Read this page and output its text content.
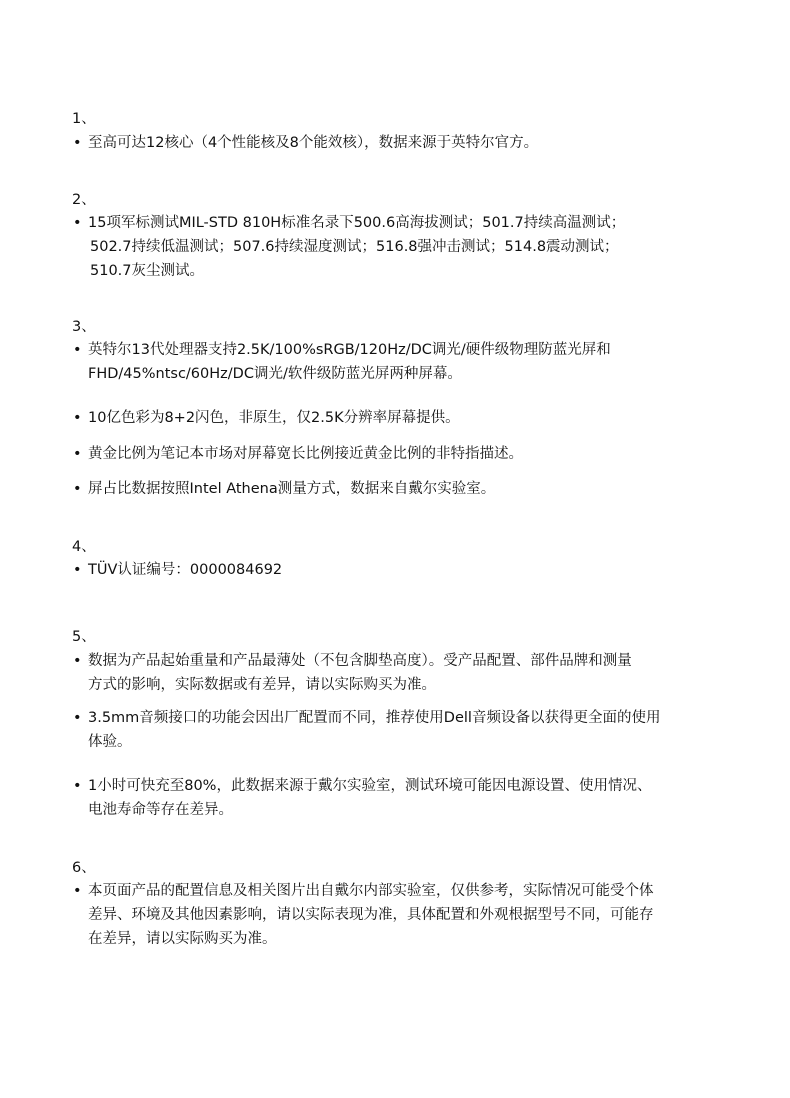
1、
• 至高可达12核心（4个性能核及8个能效核），数据来源于英特尔官方。
2、
• 15项军标测试MIL-STD 810H标准名录下500.6高海拔测试；501.7持续高温测试；
502.7持续低温测试；507.6持续湿度测试；516.8强冲击测试；514.8震动测试；
510.7灰尘测试。
3、
• 英特尔13代处理器支持2.5K/100%sRGB/120Hz/DC调光/硬件级物理防蓝光屏和
FHD/45%ntsc/60Hz/DC调光/软件级防蓝光屏两种屏幕。
• 10亿色彩为8+2闪色，非原生，仅2.5K分辨率屏幕提供。
• 黄金比例为笔记本市场对屏幕宽长比例接近黄金比例的非特指描述。
• 屏占比数据按照Intel Athena测量方式，数据来自戴尔实验室。
4、
• TÜV认证编号：0000084692
5、
• 数据为产品起始重量和产品最薄处（不包含脚垫高度）。受产品配置、部件品牌和测量
方式的影响，实际数据或有差异，请以实际购买为准。
• 3.5mm音频接口的功能会因出厂配置而不同，推荐使用Dell音频设备以获得更全面的使用
体验。
• 1小时可快充至80%，此数据来源于戴尔实验室，测试环境可能因电源设置、使用情况、
电池寿命等存在差异。
6、
• 本页面产品的配置信息及相关图片出自戴尔内部实验室，仅供参考，实际情况可能受个体
差异、环境及其他因素影响，请以实际表现为准，具体配置和外观根据型号不同，可能存
在差异，请以实际购买为准。
